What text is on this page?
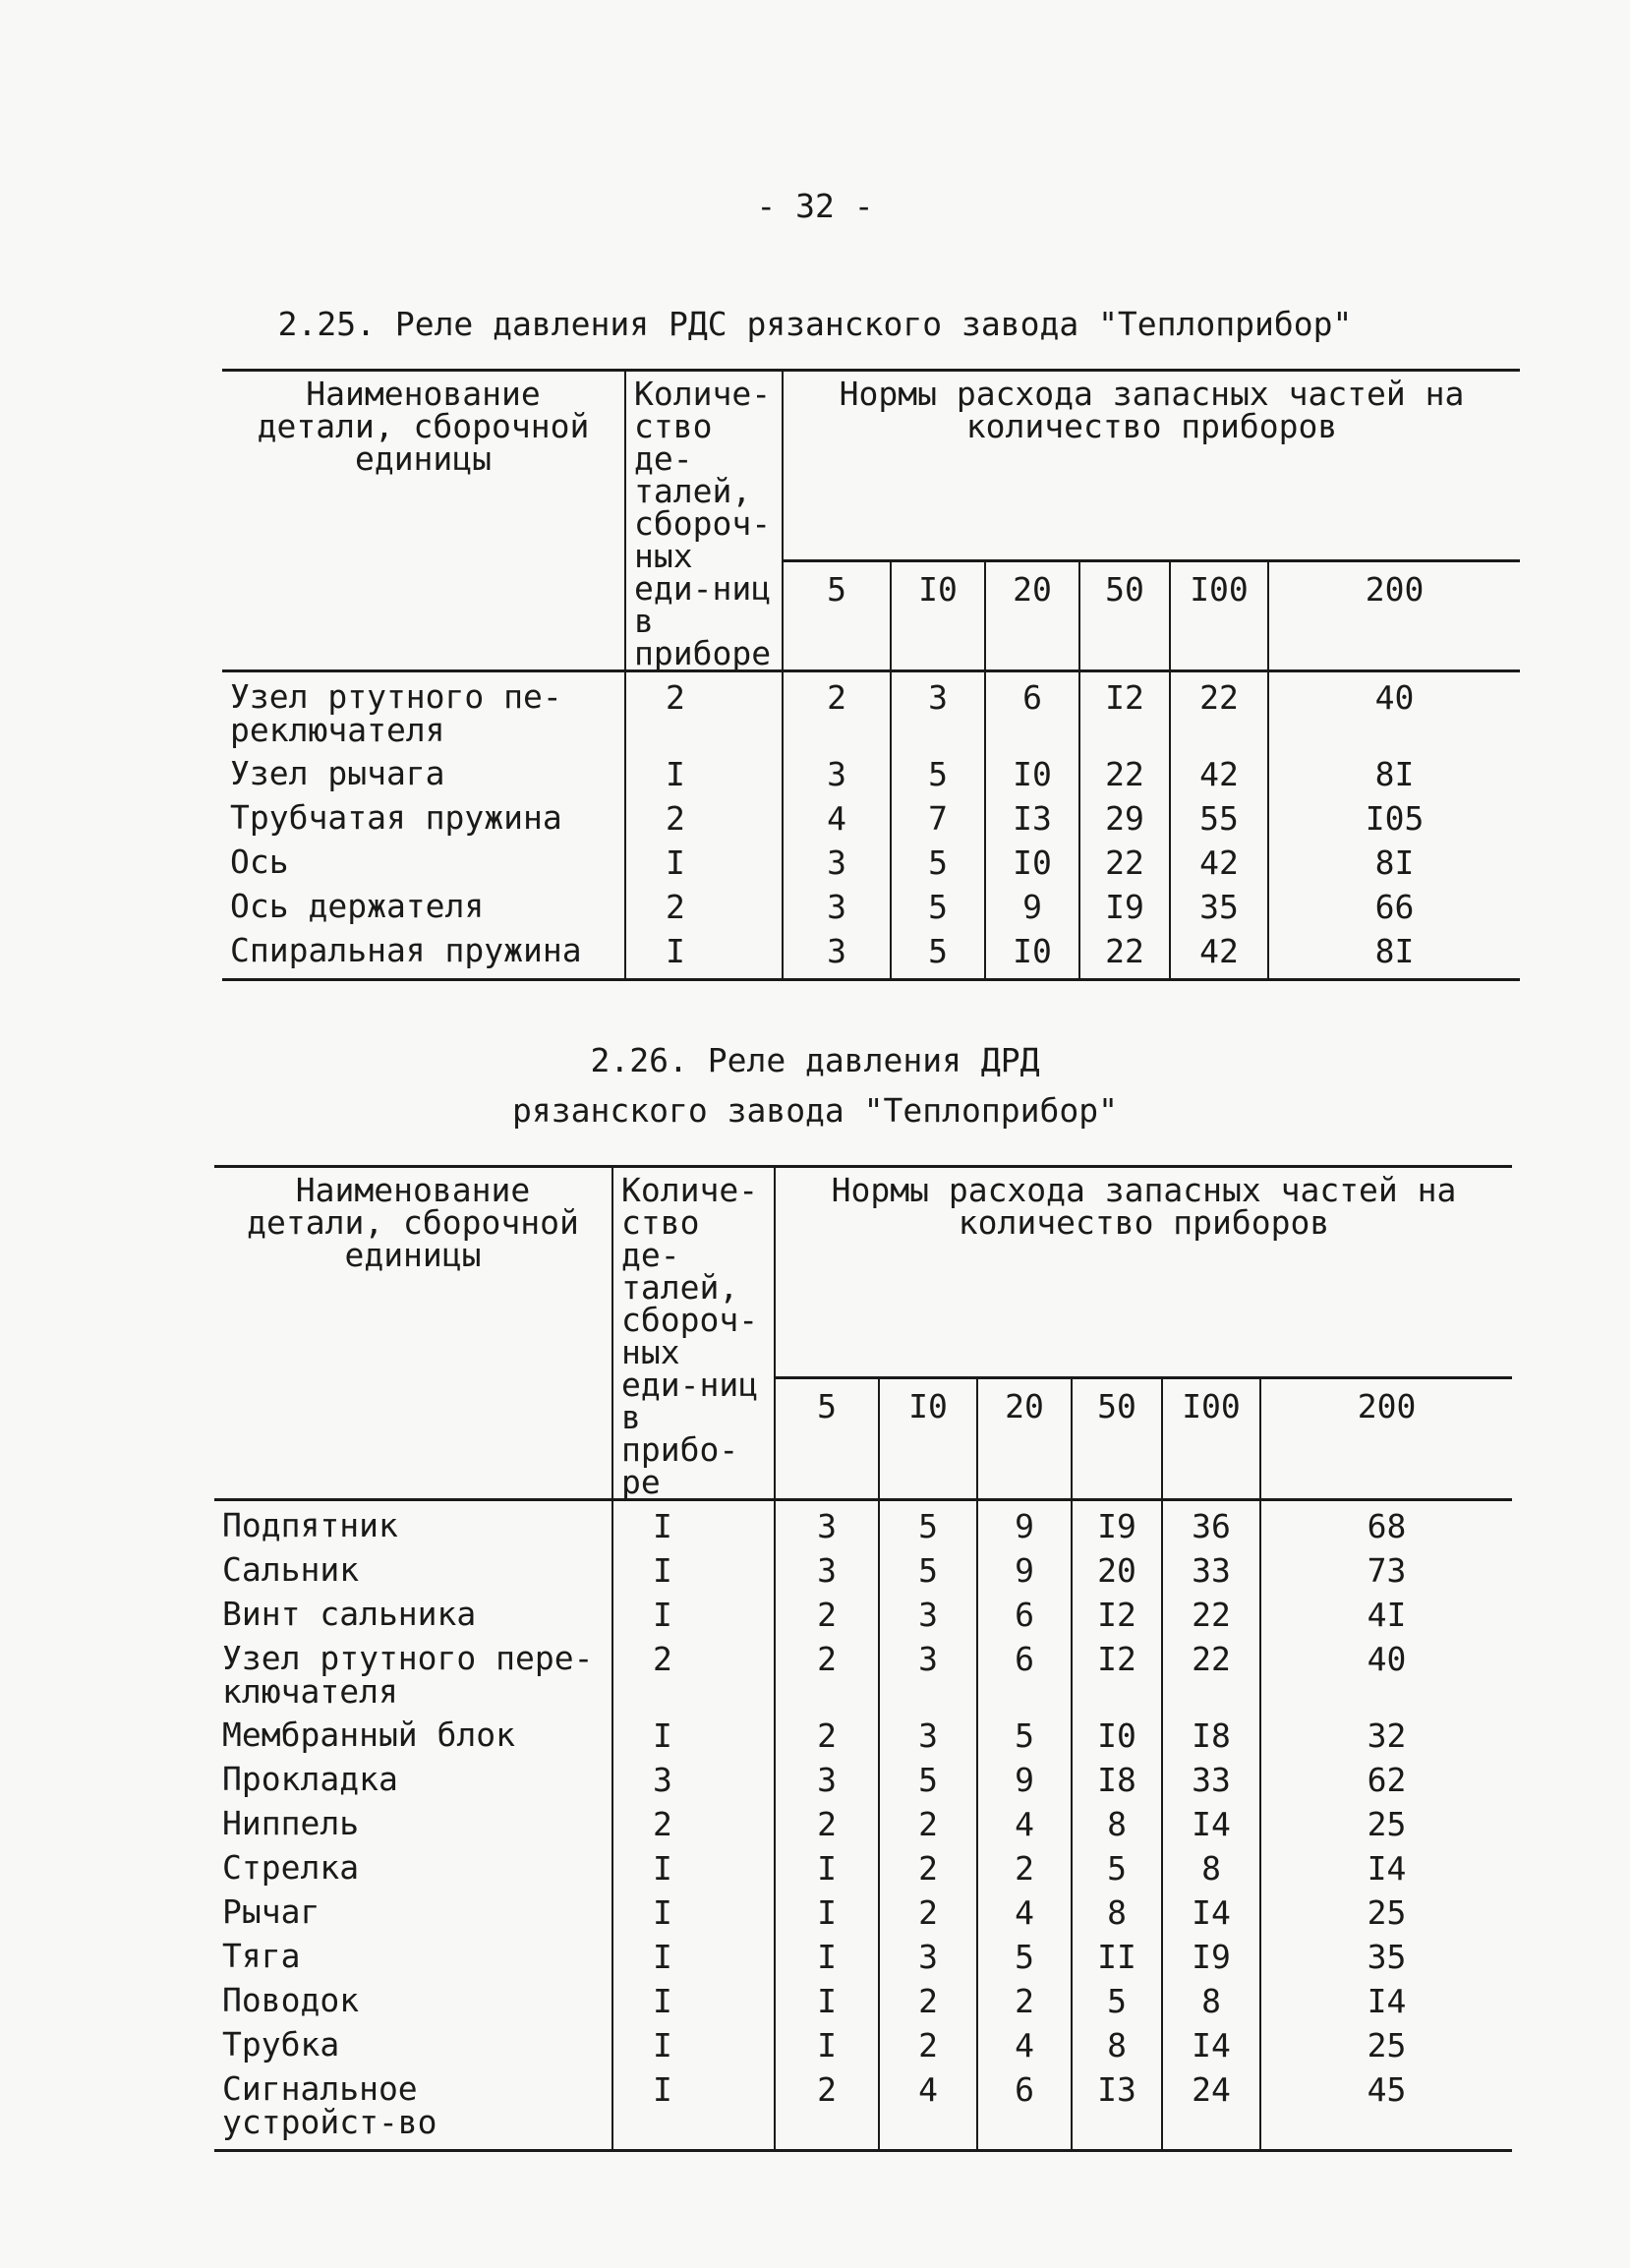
- 32 -
2.25. Реле давления РДС рязанского завода "Теплоприбор"
Наименование детали, сборочной единицы	Количе-ство де-талей, сбороч-ных еди-ниц в приборе	Нормы расхода запасных частей на количество приборов					
		5	I0	20	50	I00	200
Узел ртутного пе-реключателя	2	2	3	6	I2	22	40
Узел рычага	I	3	5	I0	22	42	8I
Трубчатая пружина	2	4	7	I3	29	55	I05
Ось	I	3	5	I0	22	42	8I
Ось держателя	2	3	5	9	I9	35	66
Спиральная пружина	I	3	5	I0	22	42	8I
2.26. Реле давления ДРД
рязанского завода "Теплоприбор"
Наименование детали, сборочной единицы	Количе-ство де-талей, сбороч-ных еди-ниц в прибо-ре	Нормы расхода запасных частей на количество приборов					
		5	I0	20	50	I00	200
Подпятник	I	3	5	9	I9	36	68
Сальник	I	3	5	9	20	33	73
Винт сальника	I	2	3	6	I2	22	4I
Узел ртутного пере-ключателя	2	2	3	6	I2	22	40
Мембранный блок	I	2	3	5	I0	I8	32
Прокладка	3	3	5	9	I8	33	62
Ниппель	2	2	2	4	8	I4	25
Стрелка	I	I	2	2	5	8	I4
Рычаг	I	I	2	4	8	I4	25
Тяга	I	I	3	5	II	I9	35
Поводок	I	I	2	2	5	8	I4
Трубка	I	I	2	4	8	I4	25
Сигнальное устройст-во	I	2	4	6	I3	24	45
